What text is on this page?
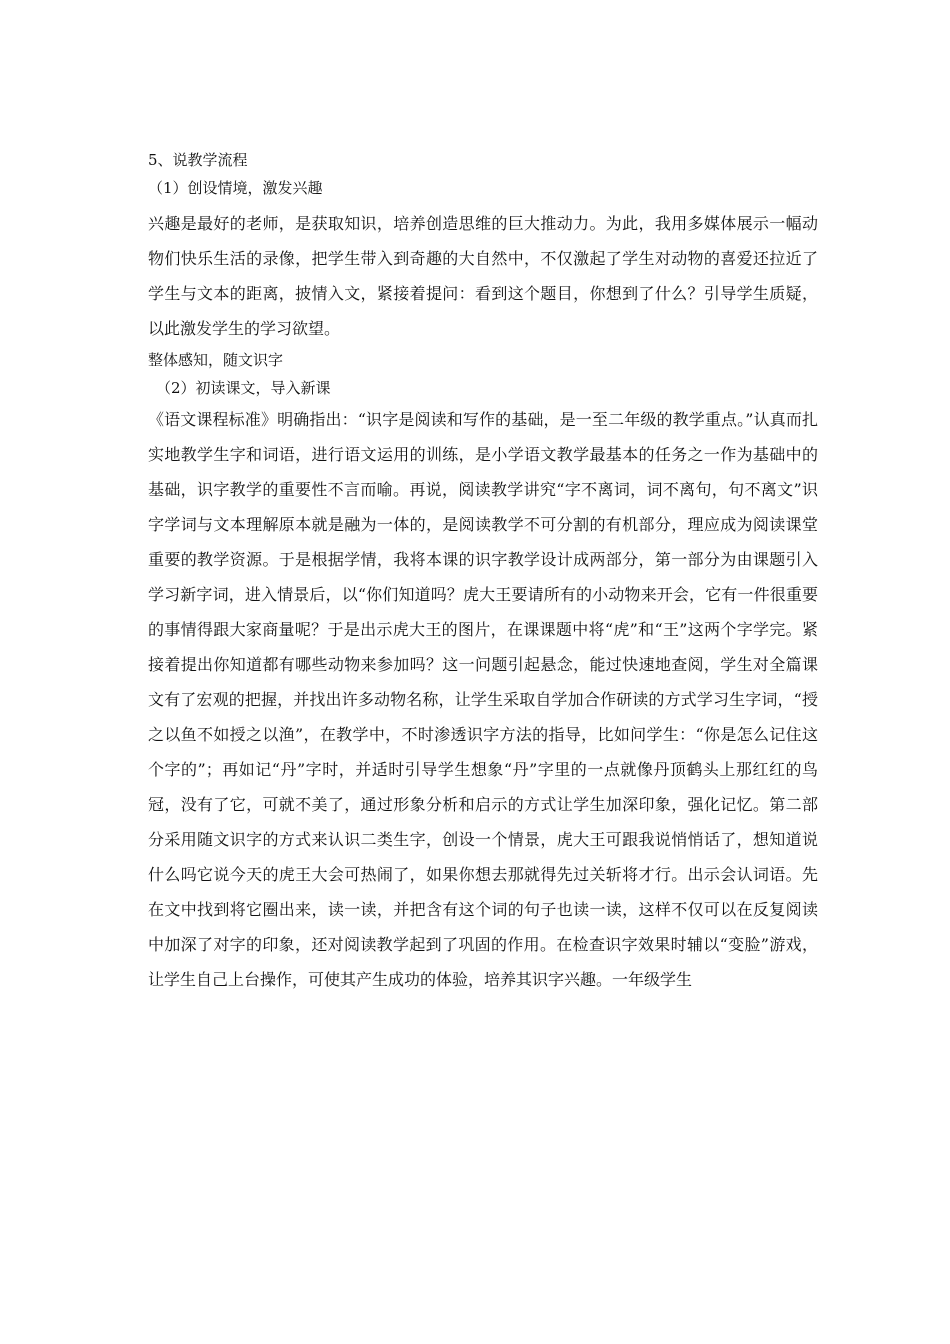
5、说教学流程

（1）创设情境，激发兴趣

兴趣是最好的老师，是获取知识，培养创造思维的巨大推动力。为此，我用多媒体展示一幅动物们快乐生活的录像，把学生带入到奇趣的大自然中，不仅激起了学生对动物的喜爱还拉近了学生与文本的距离，披情入文，紧接着提问：看到这个题目，你想到了什么？引导学生质疑，以此激发学生的学习欲望。

整体感知，随文识字

（2）初读课文，导入新课

《语文课程标准》明确指出：“识字是阅读和写作的基础，是一至二年级的教学重点。”认真而扎实地教学生字和词语，进行语文运用的训练，是小学语文教学最基本的任务之一作为基础中的基础，识字教学的重要性不言而喻。再说，阅读教学讲究“字不离词，词不离句，句不离文”识字学词与文本理解原本就是融为一体的，是阅读教学不可分割的有机部分，理应成为阅读课堂重要的教学资源。于是根据学情，我将本课的识字教学设计成两部分，第一部分为由课题引入学习新字词，进入情景后，以“你们知道吗？虎大王要请所有的小动物来开会，它有一件很重要的事情得跟大家商量呢？于是出示虎大王的图片，在课课题中将“虎”和“王”这两个字学完。紧接着提出你知道都有哪些动物来参加吗？这一问题引起悬念，能过快速地查阅，学生对全篇课文有了宏观的把握，并找出许多动物名称，让学生采取自学加合作研读的方式学习生字词，“授之以鱼不如授之以渔”，在教学中，不时渗透识字方法的指导，比如问学生：“你是怎么记住这个字的”；再如记“丹”字时，并适时引导学生想象“丹”字里的一点就像丹顶鹤头上那红红的鸟冠，没有了它，可就不美了，通过形象分析和启示的方式让学生加深印象，强化记忆。第二部分采用随文识字的方式来认识二类生字，创设一个情景，虎大王可跟我说悄悄话了，想知道说什么吗它说今天的虎王大会可热闹了，如果你想去那就得先过关斩将才行。出示会认词语。先在文中找到将它圈出来，读一读，并把含有这个词的句子也读一读，这样不仅可以在反复阅读中加深了对字的印象，还对阅读教学起到了巩固的作用。在检查识字效果时辅以“变脸”游戏，让学生自己上台操作，可使其产生成功的体验，培养其识字兴趣。一年级学生
